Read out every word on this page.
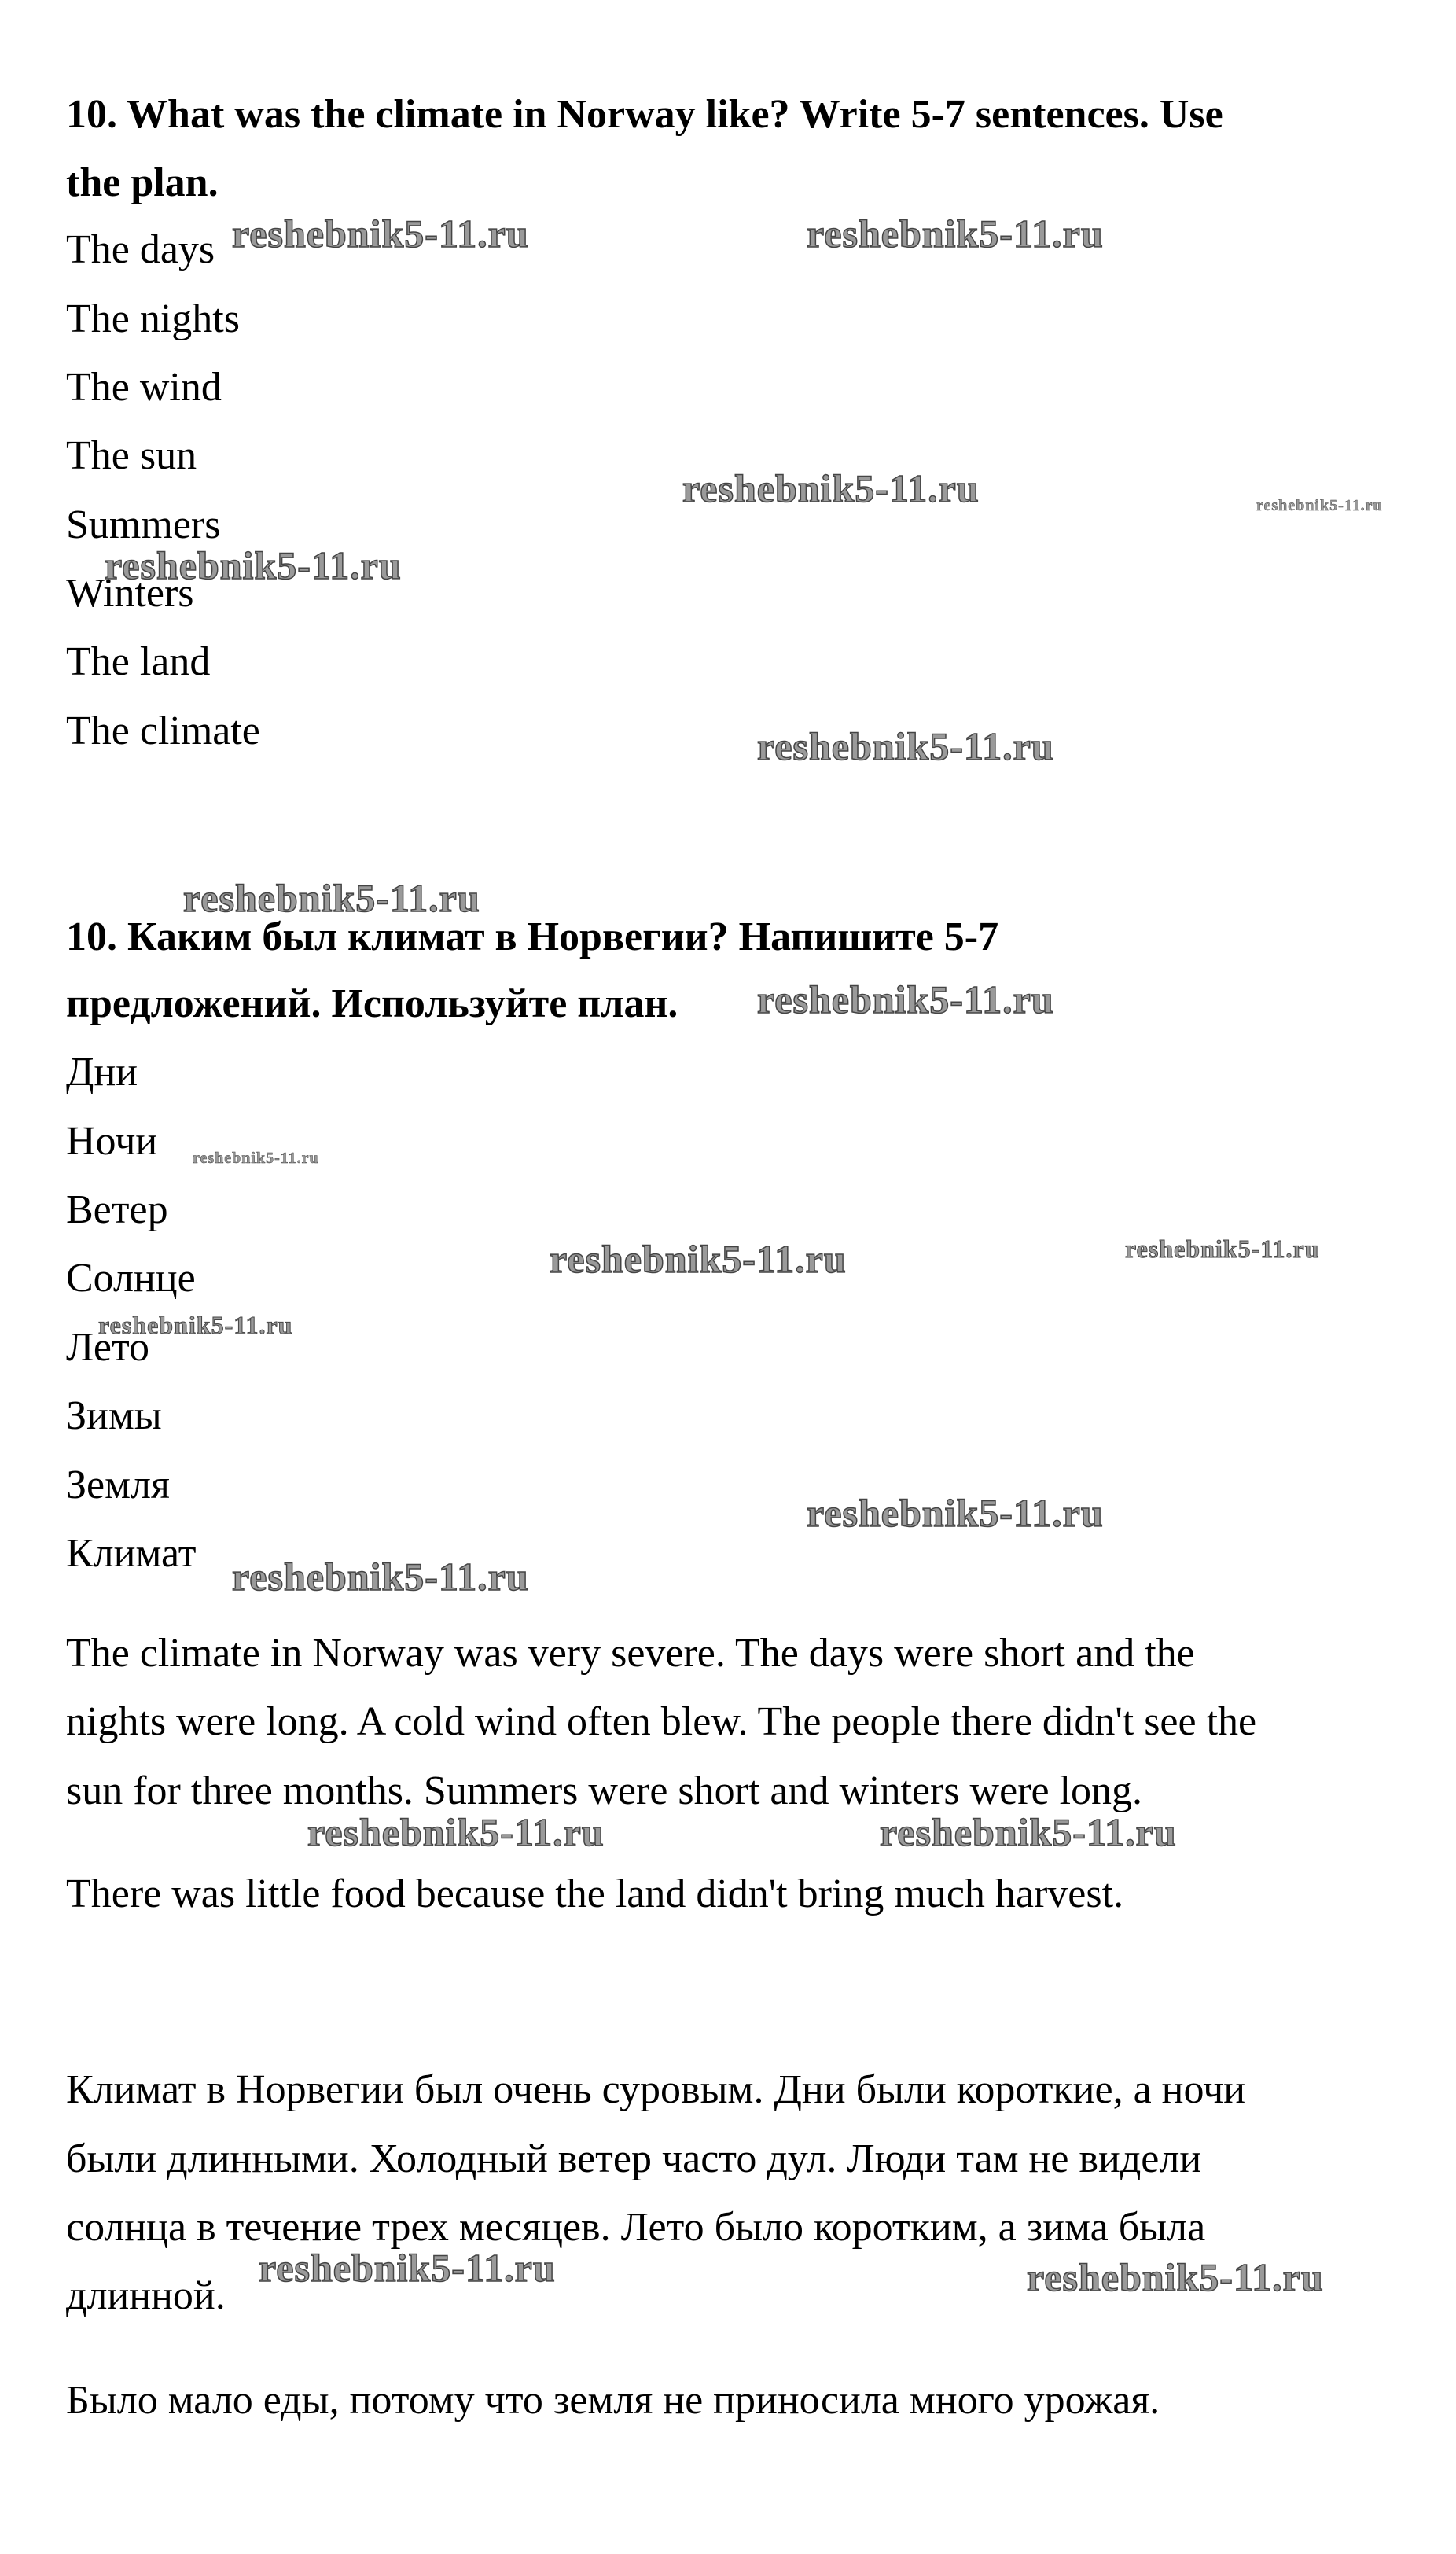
10. What was the climate in Norway like? Write 5-7 sentences. Use
the plan.
The days
The nights
The wind
The sun
Summers
Winters
The land
The climate
10. Каким был климат в Норвегии? Напишите 5-7
предложений. Используйте план.
Дни
Ночи
Ветер
Солнце
Лето
Зимы
Земля
Климат
The climate in Norway was very severe. The days were short and the
nights were long. A cold wind often blew. The people there didn't see the
sun for three months. Summers were short and winters were long.
There was little food because the land didn't bring much harvest.
Климат в Норвегии был очень суровым. Дни были короткие, а ночи
были длинными. Холодный ветер часто дул. Люди там не видели
солнца в течение трех месяцев. Лето было коротким, а зима была
длинной.
Было мало еды, потому что земля не приносила много урожая.
reshebnik5-11.ru	reshebnik5-11.ru
reshebnik5-11.ru	reshebnik5-11.ru
reshebnik5-11.ru
reshebnik5-11.ru
reshebnik5-11.ru
reshebnik5-11.ru
reshebnik5-11.ru
reshebnik5-11.ru	reshebnik5-11.ru
reshebnik5-11.ru
reshebnik5-11.ru
reshebnik5-11.ru
reshebnik5-11.ru	reshebnik5-11.ru
reshebnik5-11.ru	reshebnik5-11.ru
